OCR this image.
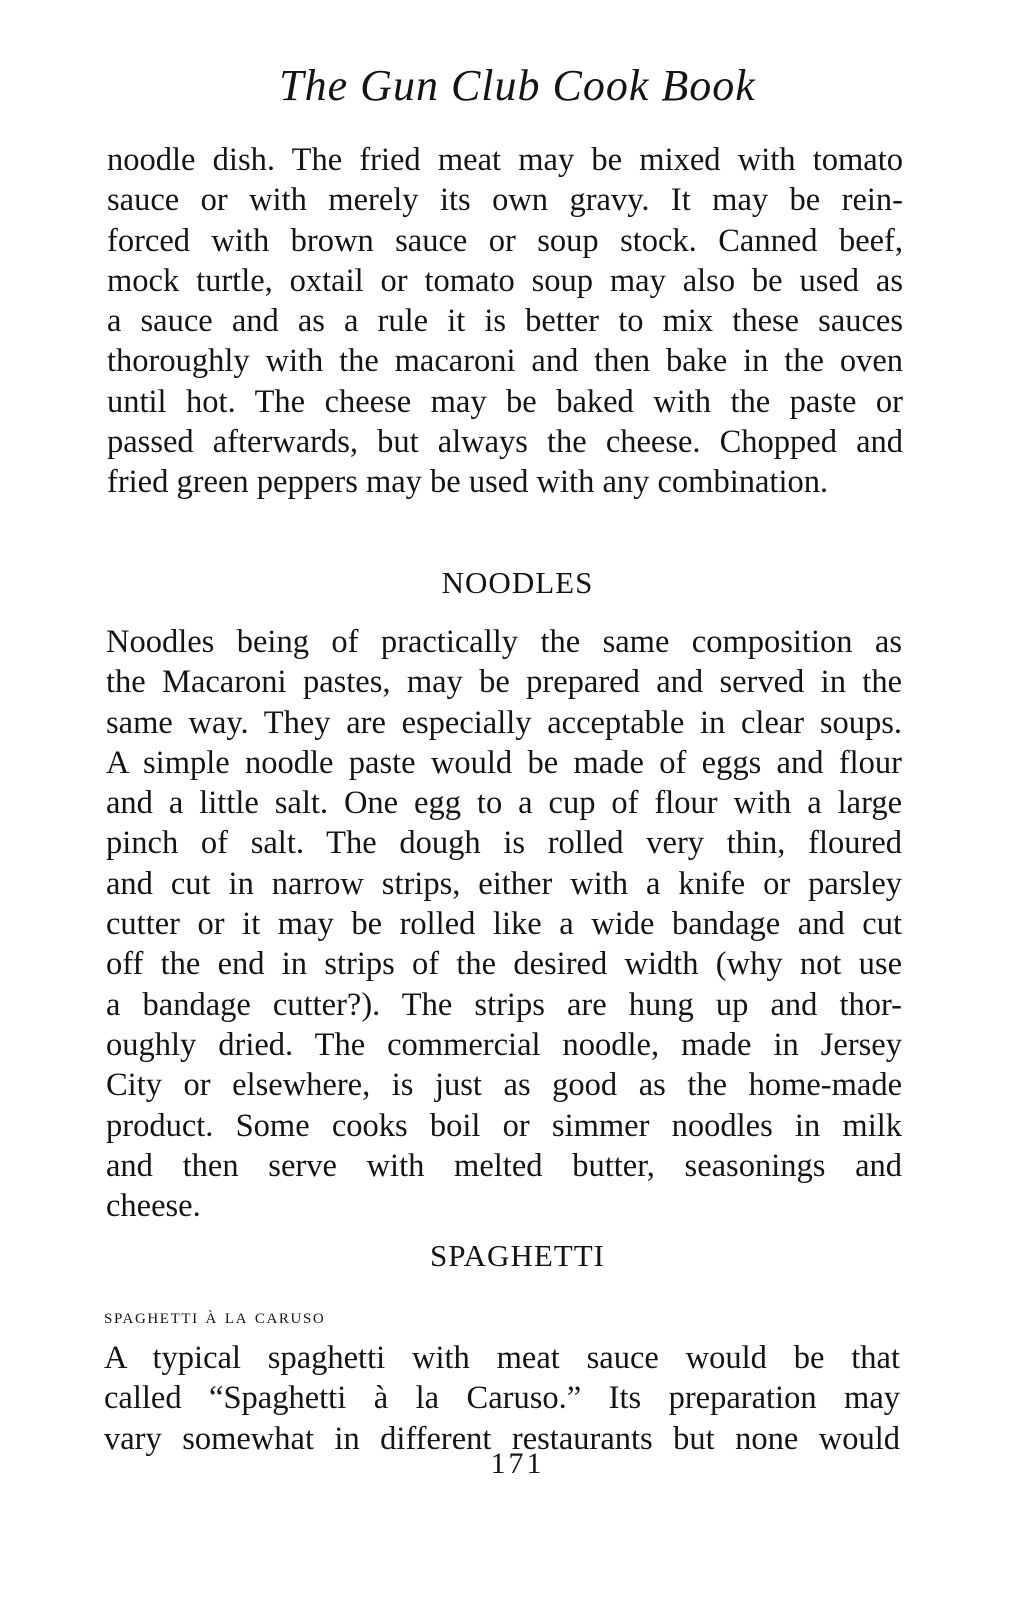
The Gun Club Cook Book
noodle dish. The fried meat may be mixed with tomato
sauce or with merely its own gravy. It may be rein-
forced with brown sauce or soup stock. Canned beef,
mock turtle, oxtail or tomato soup may also be used as
a sauce and as a rule it is better to mix these sauces
thoroughly with the macaroni and then bake in the oven
until hot. The cheese may be baked with the paste or
passed afterwards, but always the cheese. Chopped and
fried green peppers may be used with any combination.
NOODLES
Noodles being of practically the same composition as
the Macaroni pastes, may be prepared and served in the
same way. They are especially acceptable in clear soups.
A simple noodle paste would be made of eggs and flour
and a little salt. One egg to a cup of flour with a large
pinch of salt. The dough is rolled very thin, floured
and cut in narrow strips, either with a knife or parsley
cutter or it may be rolled like a wide bandage and cut
off the end in strips of the desired width (why not use
a bandage cutter?). The strips are hung up and thor-
oughly dried. The commercial noodle, made in Jersey
City or elsewhere, is just as good as the home-made
product. Some cooks boil or simmer noodles in milk
and then serve with melted butter, seasonings and
cheese.
SPAGHETTI
spaghetti à la caruso
A typical spaghetti with meat sauce would be that
called “Spaghetti à la Caruso.” Its preparation may
vary somewhat in different restaurants but none would
171
